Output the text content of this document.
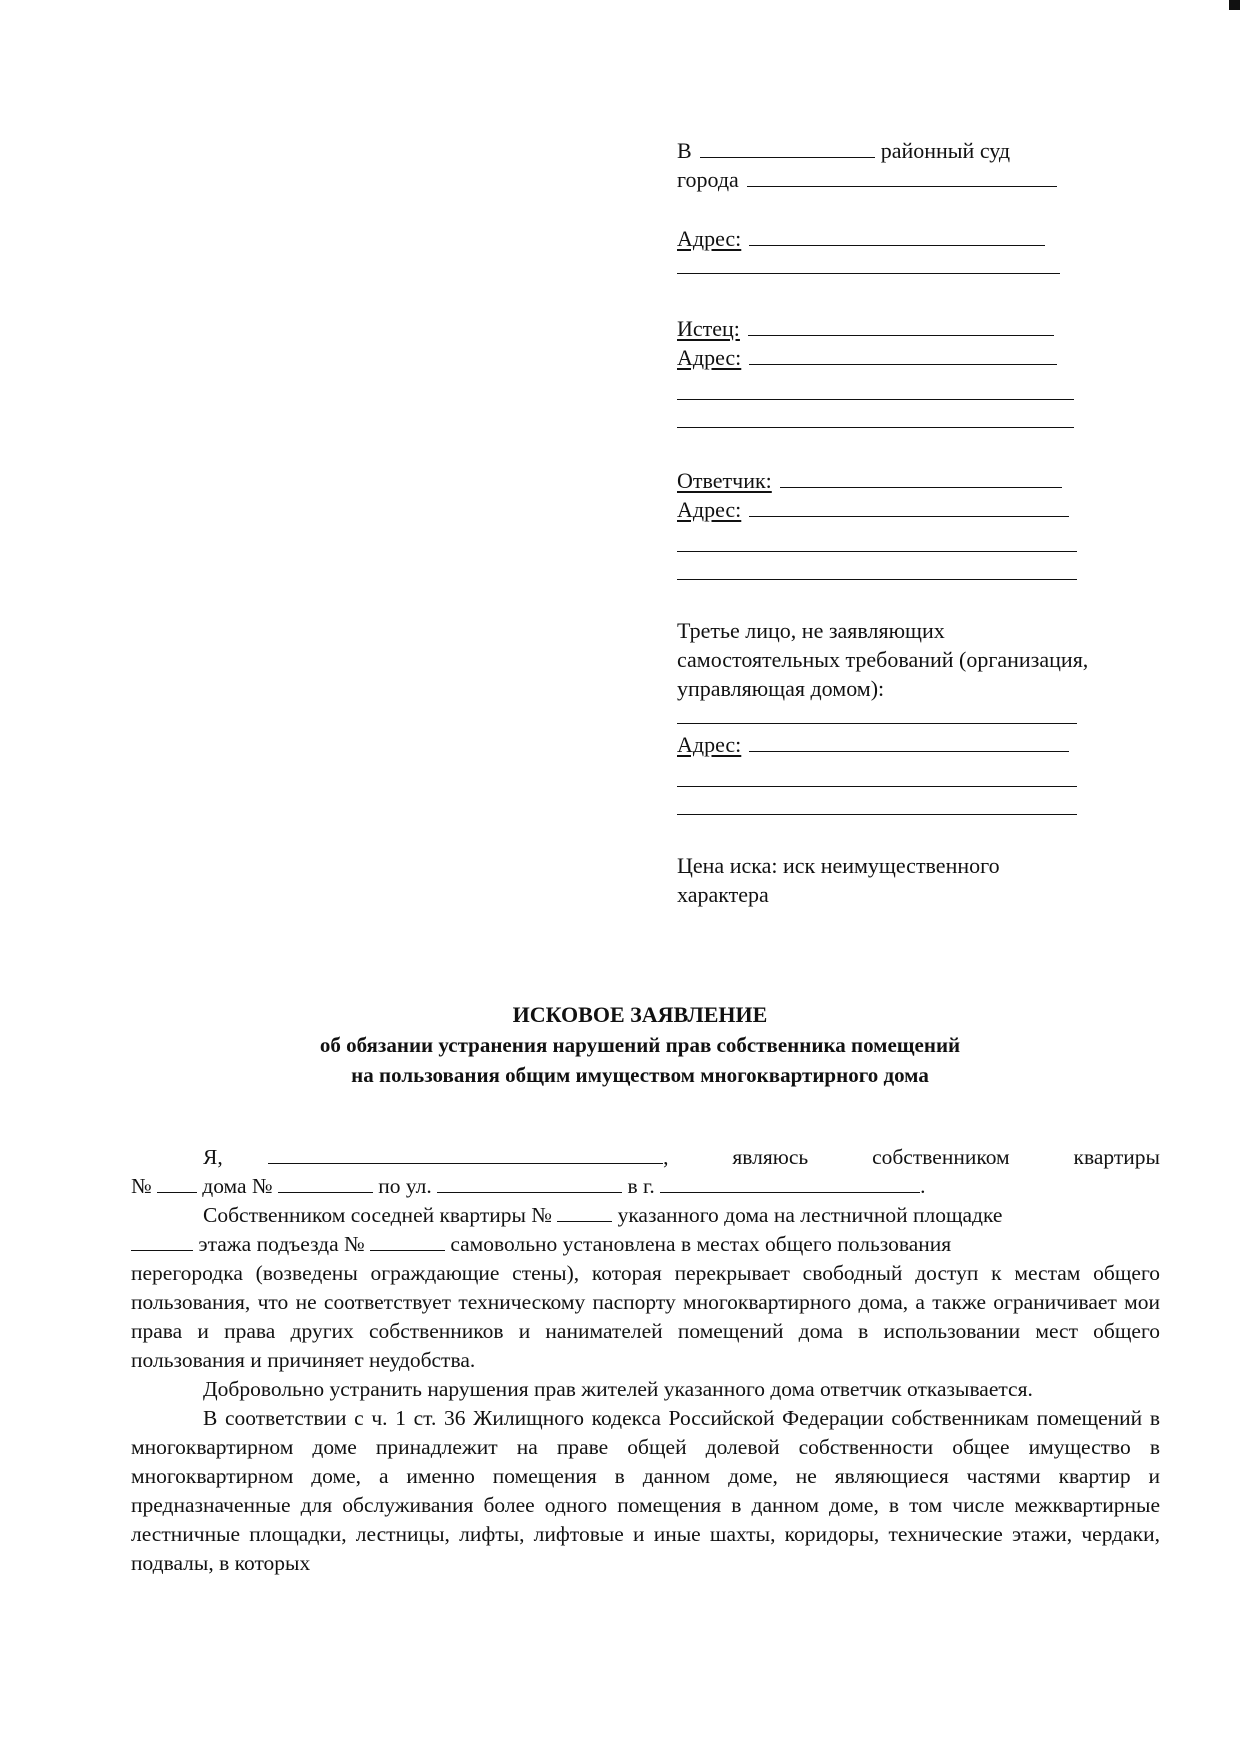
В	районный суд
города
Адрес:
Истец:
Адрес:
Ответчик:
Адрес:
Третье лицо, не заявляющих
самостоятельных требований (организация,
управляющая домом):
Адрес:
Цена иска: иск неимущественного
характера
ИСКОВОЕ ЗАЯВЛЕНИЕ
об обязании устранения нарушений прав собственника помещений
на пользования общим имуществом многоквартирного дома
Я,	,	являюсь	собственником	квартиры
№ дома №	по ул.	в г.	.
Собственником соседней квартиры №	указанного дома на лестничной площадке
этажа подъезда №	самовольно установлена в местах общего пользования

перегородка (возведены ограждающие стены), которая перекрывает свободный доступ к местам общего пользования, что не соответствует техническому паспорту многоквартирного дома, а также ограничивает мои права и права других собственников и нанимателей помещений дома в использовании мест общего пользования и причиняет неудобства.

Добровольно устранить нарушения прав жителей указанного дома ответчик отказывается.

В соответствии с ч. 1 ст. 36 Жилищного кодекса Российской Федерации собственникам помещений в многоквартирном доме принадлежит на праве общей долевой собственности общее имущество в многоквартирном доме, а именно помещения в данном доме, не являющиеся частями квартир и предназначенные для обслуживания более одного помещения в данном доме, в том числе межквартирные лестничные площадки, лестницы, лифты, лифтовые и иные шахты, коридоры, технические этажи, чердаки, подвалы, в которых
